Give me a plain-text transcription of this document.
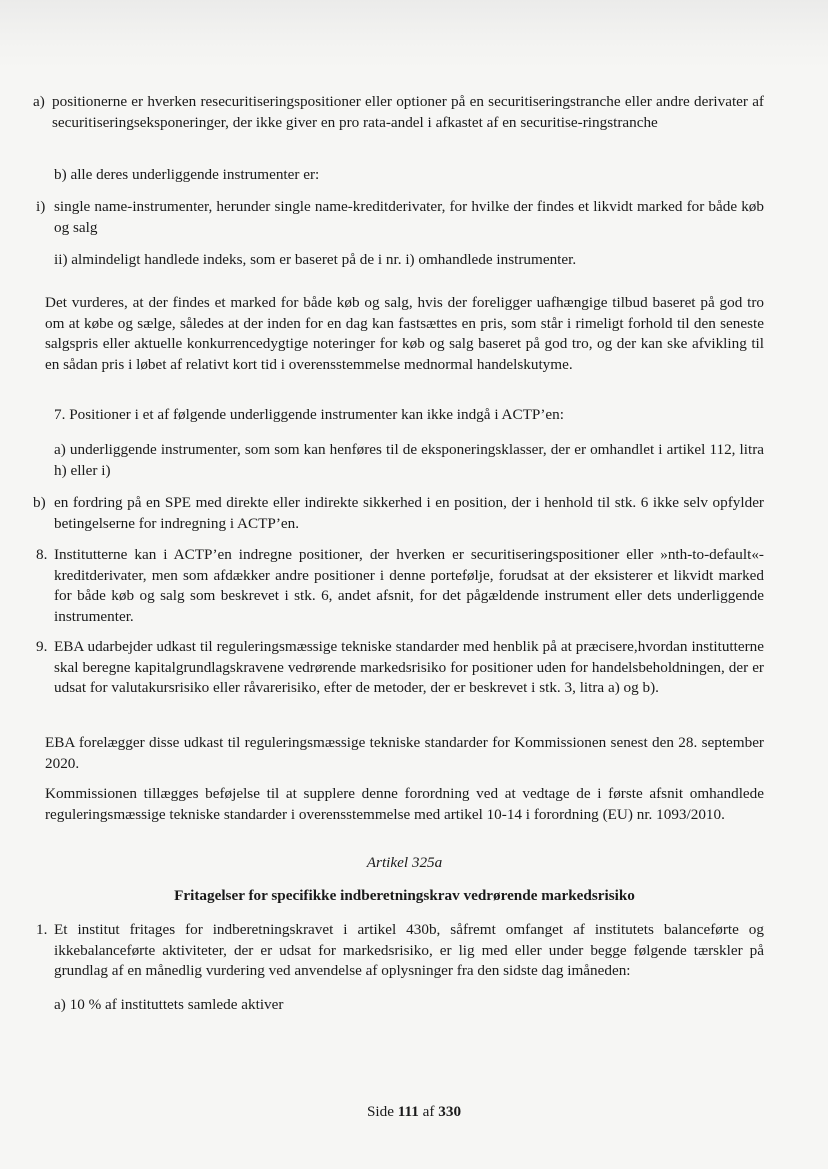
a) positionerne er hverken resecuritiseringspositioner eller optioner på en securitiseringstranche eller andre derivater af securitiseringseksponeringer, der ikke giver en pro rata-andel i afkastet af en securitise-ringstranche
b) alle deres underliggende instrumenter er:
i) single name-instrumenter, herunder single name-kreditderivater, for hvilke der findes et likvidt marked for både køb og salg
ii) almindeligt handlede indeks, som er baseret på de i nr. i) omhandlede instrumenter.
Det vurderes, at der findes et marked for både køb og salg, hvis der foreligger uafhængige tilbud baseret på god tro om at købe og sælge, således at der inden for en dag kan fastsættes en pris, som står i rimeligt forhold til den seneste salgspris eller aktuelle konkurrencedygtige noteringer for køb og salg baseret på god tro, og der kan ske afvikling til en sådan pris i løbet af relativt kort tid i overensstemmelse mednormal handelskutyme.
7. Positioner i et af følgende underliggende instrumenter kan ikke indgå i ACTP’en:
a) underliggende instrumenter, som som kan henføres til de eksponeringsklasser, der er omhandlet i artikel 112, litra h) eller i)
b) en fordring på en SPE med direkte eller indirekte sikkerhed i en position, der i henhold til stk. 6 ikke selv opfylder betingelserne for indregning i ACTP’en.
8. Institutterne kan i ACTP’en indregne positioner, der hverken er securitiseringspositioner eller »nth-to-default«-kreditderivater, men som afdækker andre positioner i denne portefølje, forudsat at der eksisterer et likvidt marked for både køb og salg som beskrevet i stk. 6, andet afsnit, for det pågældende instrument eller dets underliggende instrumenter.
9. EBA udarbejder udkast til reguleringsmæssige tekniske standarder med henblik på at præcisere,hvordan institutterne skal beregne kapitalgrundlagskravene vedrørende markedsrisiko for positioner uden for handelsbeholdningen, der er udsat for valutakursrisiko eller råvarerisiko, efter de metoder, der er beskrevet i stk. 3, litra a) og b).
EBA forelægger disse udkast til reguleringsmæssige tekniske standarder for Kommissionen senest den 28. september 2020.
Kommissionen tillægges beføjelse til at supplere denne forordning ved at vedtage de i første afsnit omhandlede reguleringsmæssige tekniske standarder i overensstemmelse med artikel 10-14 i forordning (EU) nr. 1093/2010.
Artikel 325a
Fritagelser for specifikke indberetningskrav vedrørende markedsrisiko
1. Et institut fritages for indberetningskravet i artikel 430b, såfremt omfanget af institutets balanceførte og ikkebalanceførte aktiviteter, der er udsat for markedsrisiko, er lig med eller under begge følgende tærskler på grundlag af en månedlig vurdering ved anvendelse af oplysninger fra den sidste dag imåneden:
a) 10 % af instituttets samlede aktiver
Side 111 af 330
